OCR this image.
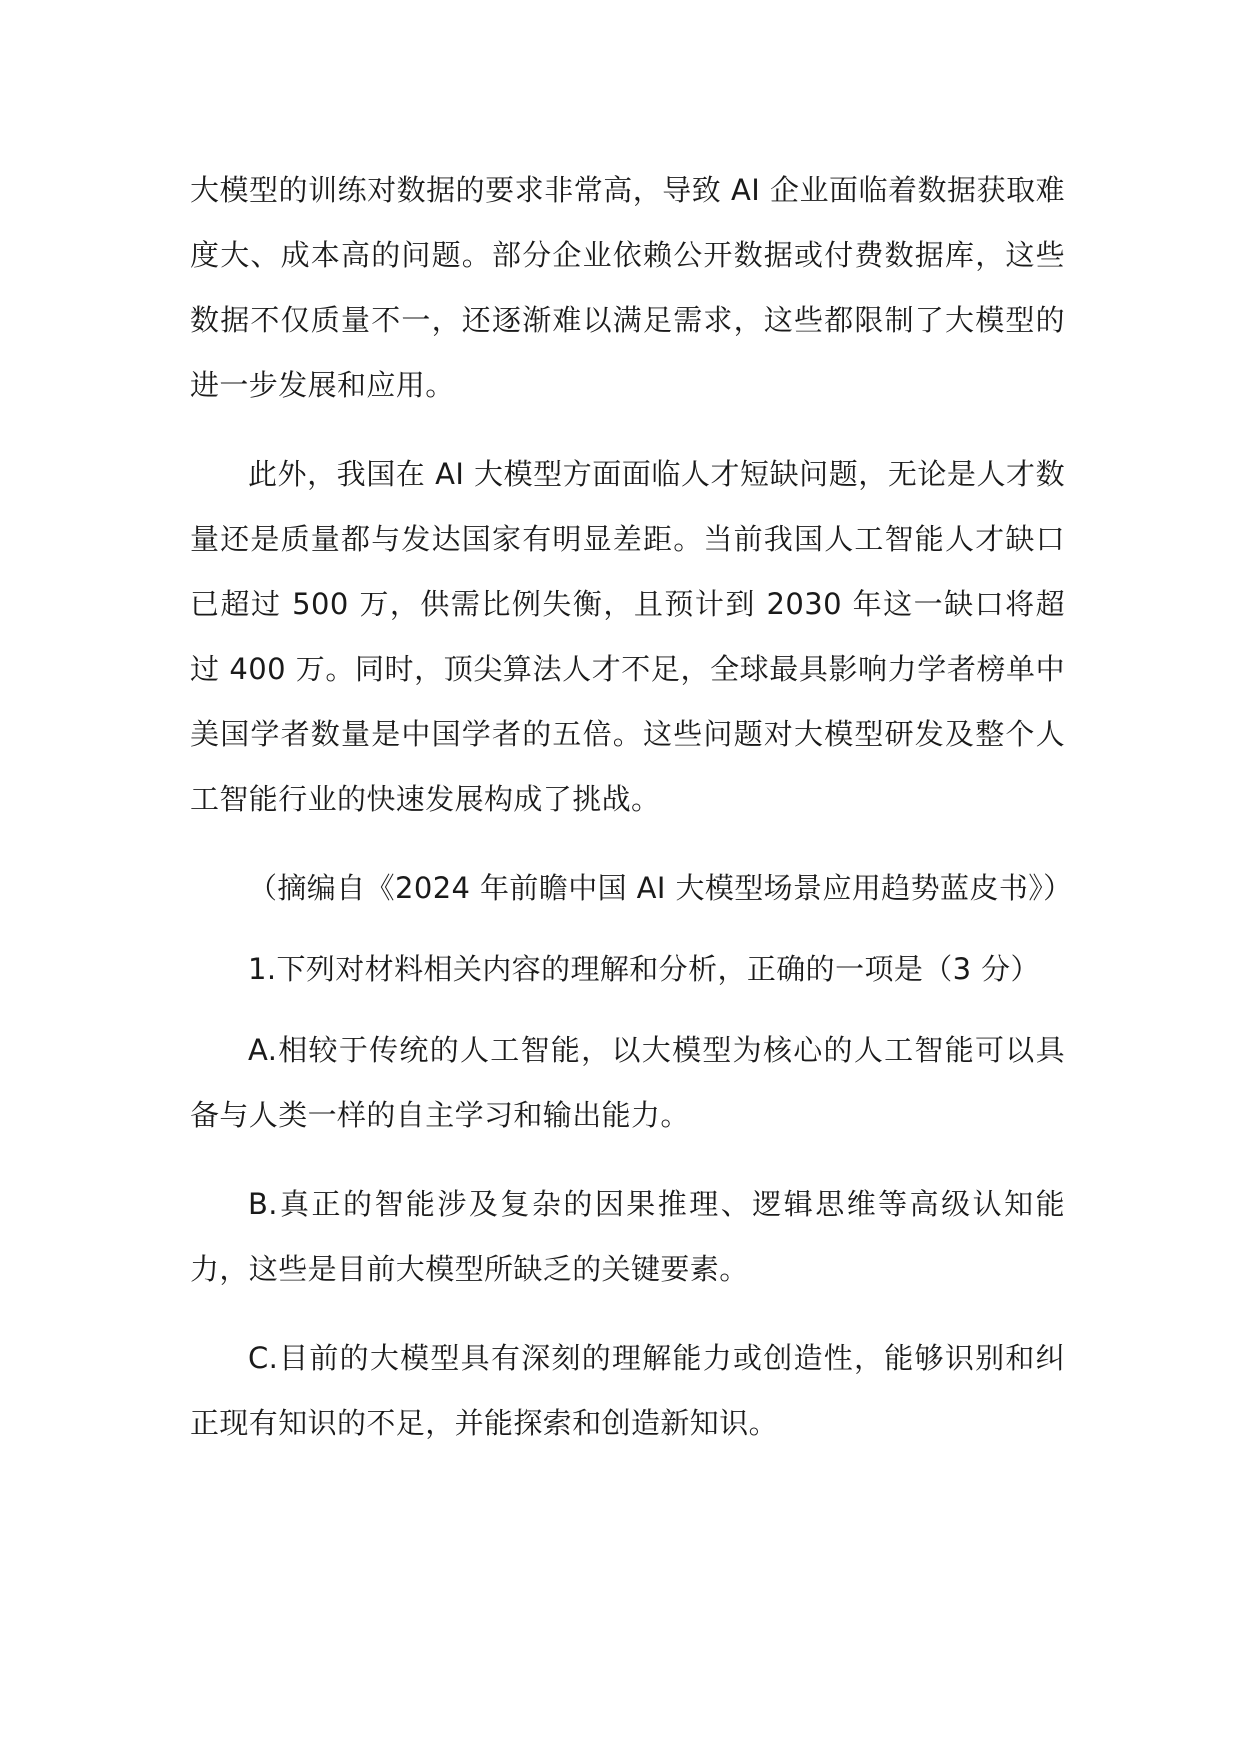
大模型的训练对数据的要求非常高，导致 AI 企业面临着数据获取难度大、成本高的问题。部分企业依赖公开数据或付费数据库，这些数据不仅质量不一，还逐渐难以满足需求，这些都限制了大模型的进一步发展和应用。

此外，我国在 AI 大模型方面面临人才短缺问题，无论是人才数量还是质量都与发达国家有明显差距。当前我国人工智能人才缺口已超过 500 万，供需比例失衡，且预计到 2030 年这一缺口将超过 400 万。同时，顶尖算法人才不足，全球最具影响力学者榜单中美国学者数量是中国学者的五倍。这些问题对大模型研发及整个人工智能行业的快速发展构成了挑战。

（摘编自《2024 年前瞻中国 AI 大模型场景应用趋势蓝皮书》）

1.下列对材料相关内容的理解和分析，正确的一项是（3 分）

A.相较于传统的人工智能，以大模型为核心的人工智能可以具备与人类一样的自主学习和输出能力。

B.真正的智能涉及复杂的因果推理、逻辑思维等高级认知能力，这些是目前大模型所缺乏的关键要素。

C.目前的大模型具有深刻的理解能力或创造性，能够识别和纠正现有知识的不足，并能探索和创造新知识。
